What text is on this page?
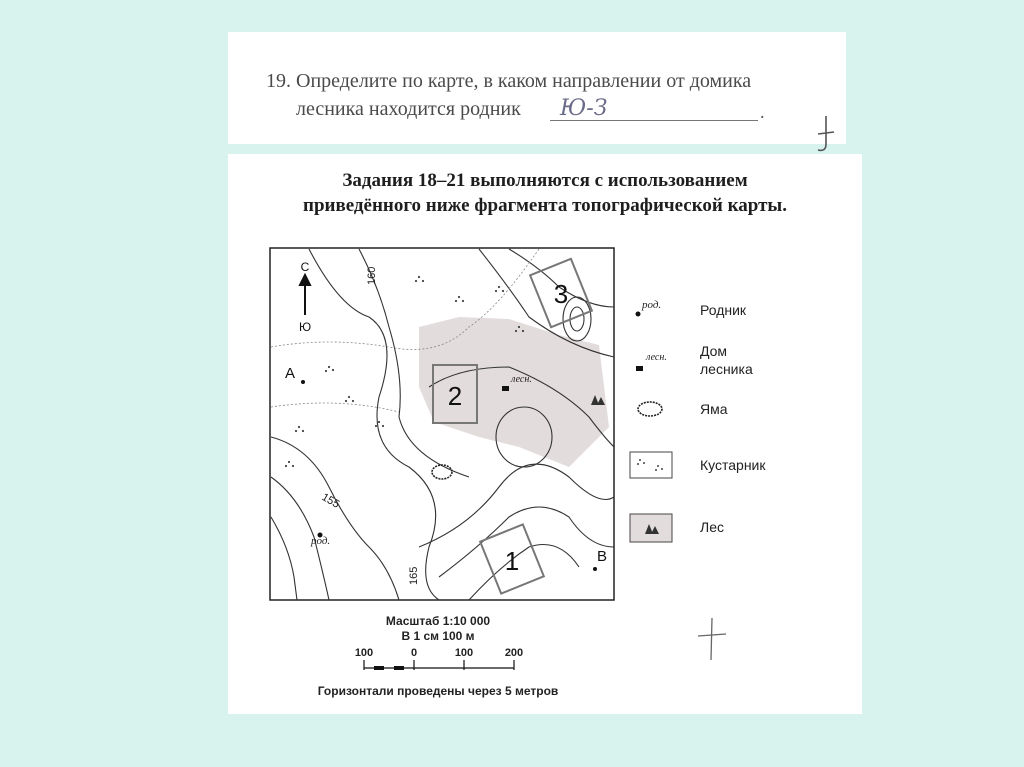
19. Определите по карте, в каком направлении от домика
лесника находится родник Ю-З	.
Задания 18–21 выполняются с использованием
приведённого ниже фрагмента топографической карты.
2
1
3
лесн.
род.
А
В
155
160
165
С
Ю
род.	Родник
лесн. Дом
лесника
Яма
Кустарник
Лес
Масштаб 1:10 000
В 1 см 100 м
100	0	100	200
Горизонтали проведены через 5 метров
